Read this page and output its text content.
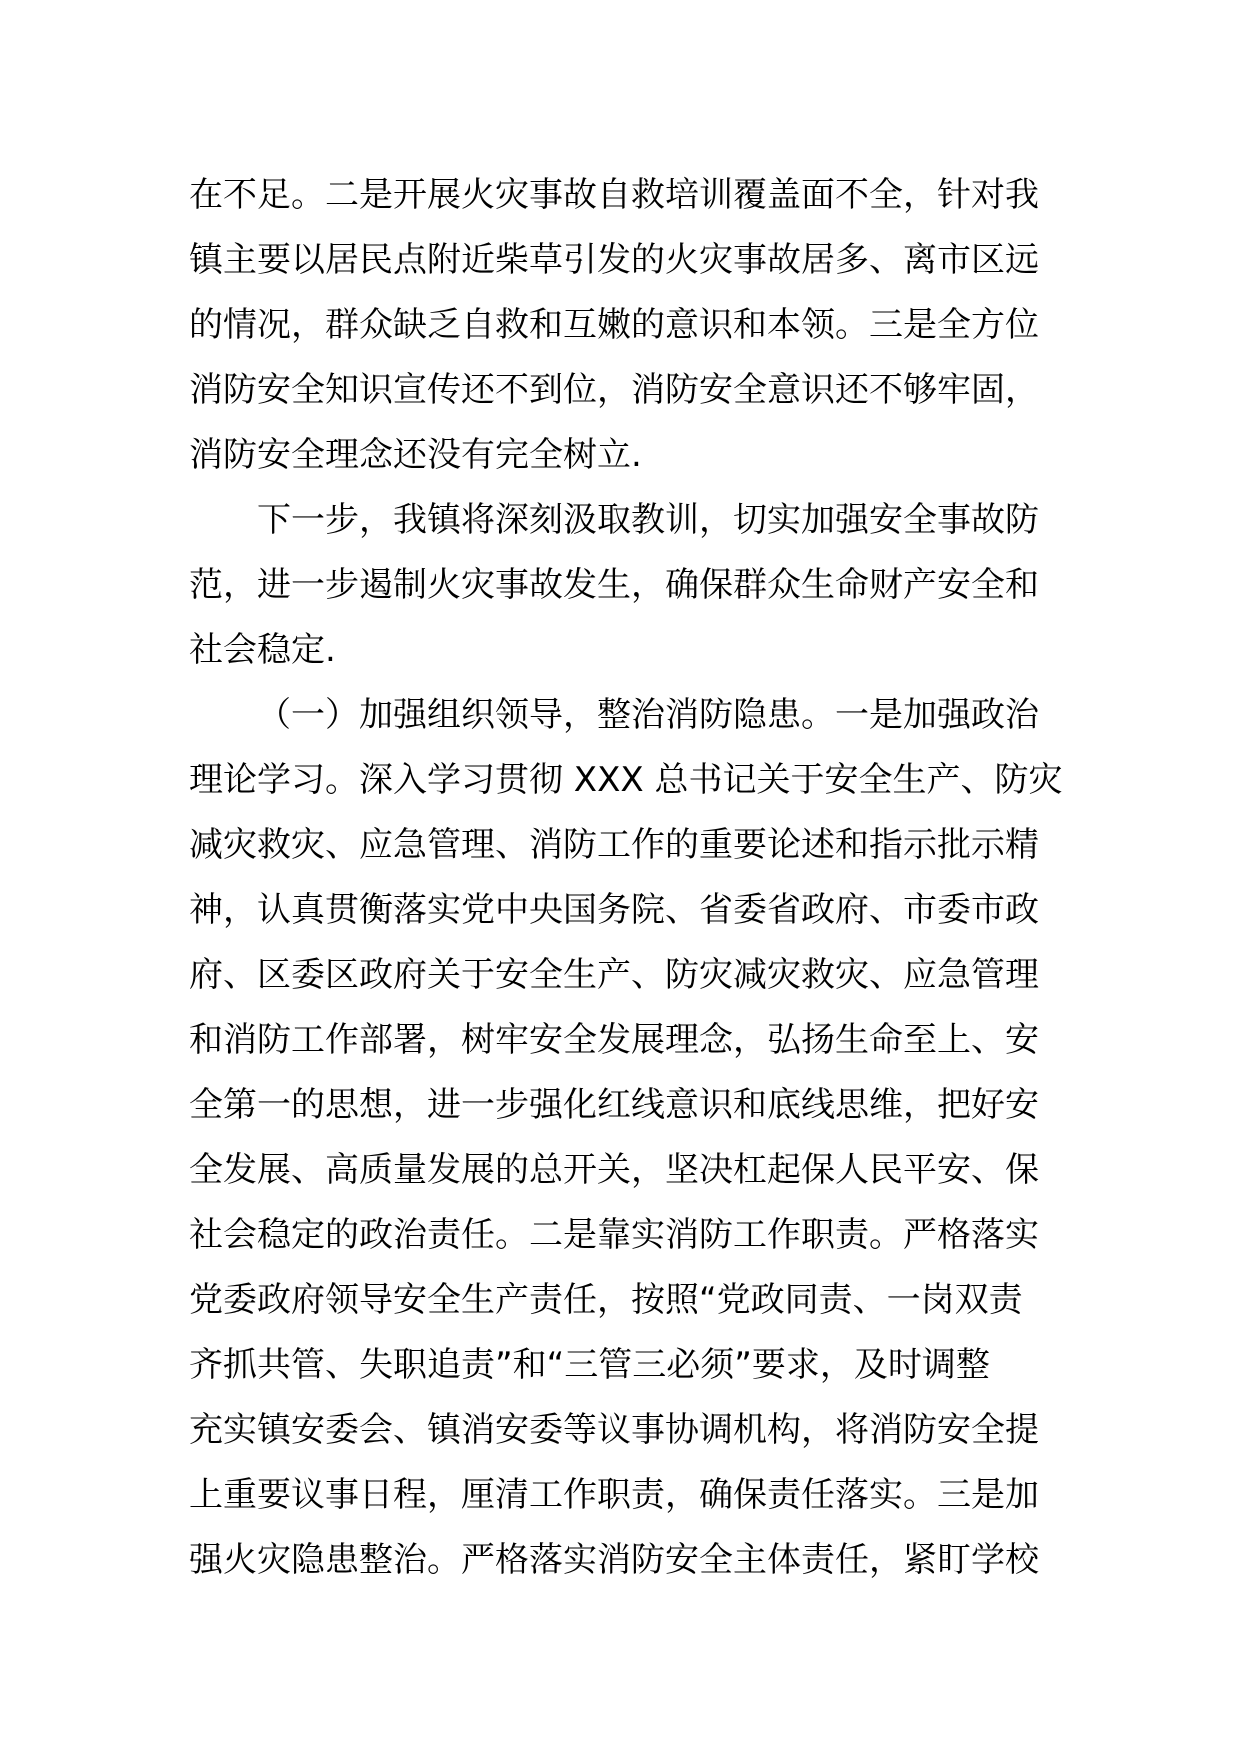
在不足。二是开展火灾事故自救培训覆盖面不全，针对我
镇主要以居民点附近柴草引发的火灾事故居多、离市区远
的情况，群众缺乏自救和互嫩的意识和本领。三是全方位
消防安全知识宣传还不到位，消防安全意识还不够牢固，
消防安全理念还没有完全树立.
下一步，我镇将深刻汲取教训，切实加强安全事故防
范，进一步遏制火灾事故发生，确保群众生命财产安全和
社会稳定.
（一）加强组织领导，整治消防隐患。一是加强政治
理论学习。深入学习贯彻 XXX 总书记关于安全生产、防灾
减灾救灾、应急管理、消防工作的重要论述和指示批示精
神，认真贯衡落实党中央国务院、省委省政府、市委市政
府、区委区政府关于安全生产、防灾减灾救灾、应急管理
和消防工作部署，树牢安全发展理念，弘扬生命至上、安
全第一的思想，进一步强化红线意识和底线思维，把好安
全发展、高质量发展的总开关，坚决杠起保人民平安、保
社会稳定的政治责任。二是靠实消防工作职责。严格落实
党委政府领导安全生产责任，按照“党政同责、一岗双责
齐抓共管、失职追责”和“三管三必须”要求，及时调整
充实镇安委会、镇消安委等议事协调机构，将消防安全提
上重要议事日程，厘清工作职责，确保责任落实。三是加
强火灾隐患整治。严格落实消防安全主体责任，紧盯学校
